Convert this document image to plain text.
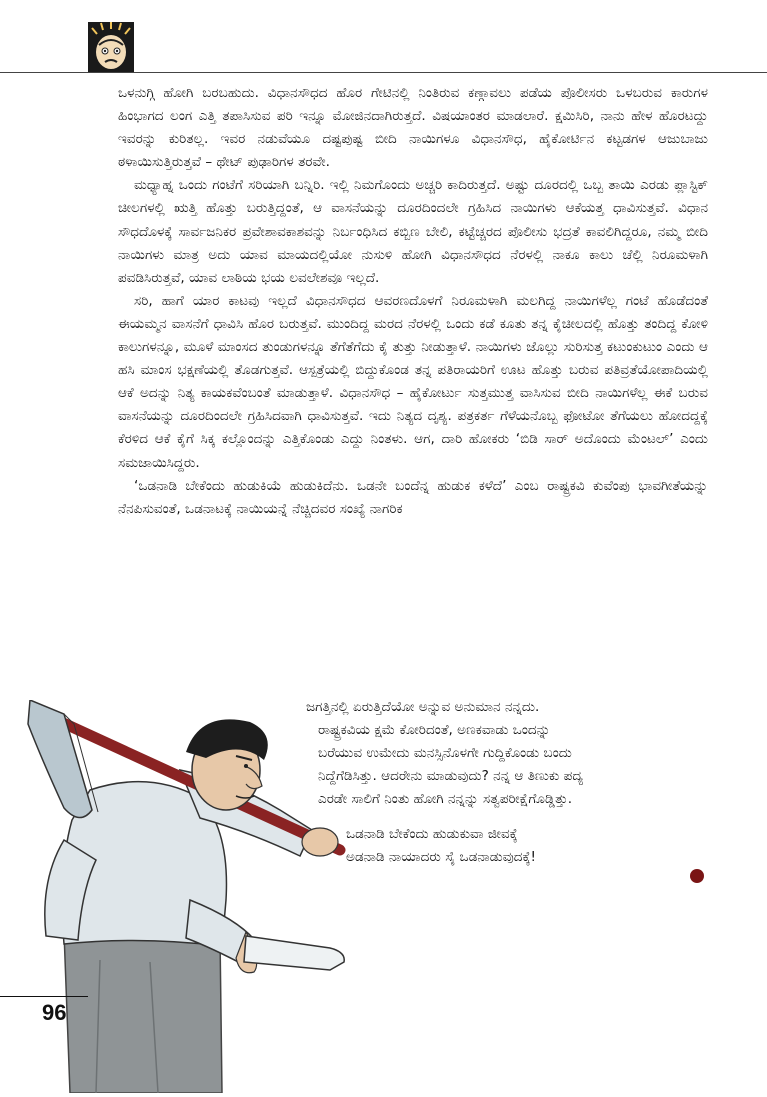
ಒಳನುಗ್ಗಿ ಹೋಗಿ ಬರಬಹುದು. ವಿಧಾನಸೌಧದ ಹೊರ ಗೇಟಿನಲ್ಲಿ ನಿಂತಿರುವ ಕಣ್ಗಾವಲು ಪಡೆಯ ಪೊಲೀಸರು ಒಳಬರುವ ಕಾರುಗಳ ಹಿಂಭಾಗದ ಲಂಗ ಎತ್ತಿ ತಪಾಸಿಸುವ ಪರಿ ಇನ್ನೂ ಮೋಜಿನದಾಗಿರುತ್ತದೆ. ವಿಷಯಾಂತರ ಮಾಡಲಾರೆ. ಕ್ಷಮಿಸಿರಿ, ನಾನು ಹೇಳ ಹೊರಟದ್ದು ಇವರನ್ನು ಕುರಿತಲ್ಲ. ಇವರ ನಡುವೆಯೂ ದಷ್ಟಪುಷ್ಟ ಬೀದಿ ನಾಯಿಗಳೂ ವಿಧಾನಸೌಧ, ಹೈಕೋರ್ಟಿನ ಕಟ್ಟಡಗಳ ಆಜುಬಾಜು ಠಳಾಯಿಸುತ್ತಿರುತ್ತವೆ – ಥೇಟ್ ಪುಢಾರಿಗಳ ತರವೇ.

ಮಧ್ಯಾಹ್ನ ಒಂದು ಗಂಟೆಗೆ ಸರಿಯಾಗಿ ಬನ್ನಿರಿ. ಇಲ್ಲಿ ನಿಮಗೊಂದು ಅಚ್ಚರಿ ಕಾದಿರುತ್ತದೆ. ಅಷ್ಟು ದೂರದಲ್ಲಿ ಒಬ್ಬ ತಾಯಿ ಎರಡು ಪ್ಲಾಸ್ಟಿಕ್ ಚೀಲಗಳಲ್ಲಿ ಋತ್ತಿ ಹೊತ್ತು ಬರುತ್ತಿದ್ದಂತೆ, ಆ ವಾಸನೆಯನ್ನು ದೂರದಿಂದಲೇ ಗ್ರಹಿಸಿದ ನಾಯಿಗಳು ಆಕೆಯತ್ತ ಧಾವಿಸುತ್ತವೆ. ವಿಧಾನ ಸೌಧದೊಳಕ್ಕೆ ಸಾರ್ವಜನಿಕರ ಪ್ರವೇಶಾವಕಾಶವನ್ನು ನಿರ್ಬಂಧಿಸಿದ ಕಬ್ಬಿಣ ಬೇಲಿ, ಕಟ್ಟೆಚ್ಚರದ ಪೊಲೀಸು ಭದ್ರತೆ ಕಾವಲಿಗಿದ್ದರೂ, ನಮ್ಮ ಬೀದಿ ನಾಯಿಗಳು ಮಾತ್ರ ಅದು ಯಾವ ಮಾಯದಲ್ಲಿಯೋ ನುಸುಳಿ ಹೋಗಿ ವಿಧಾನಸೌಧದ ನೆರಳಲ್ಲಿ ನಾಕೂ ಕಾಲು ಚೆಲ್ಲಿ ನಿರೂಮಳಾಗಿ ಪವಡಿಸಿರುತ್ತವೆ, ಯಾವ ಲಾಠಿಯ ಭಯ ಲವಲೇಶವೂ ಇಲ್ಲದೆ.

ಸರಿ, ಹಾಗೆ ಯಾರ ಕಾಟವು ಇಲ್ಲದೆ ವಿಧಾನಸೌಧದ ಆವರಣದೊಳಗೆ ನಿರೂಮಳಾಗಿ ಮಲಗಿದ್ದ ನಾಯಿಗಳೆಲ್ಲ ಗಂಟೆ ಹೊಡೆದಂತೆ ಈಯಮ್ಮನ ವಾಸನೆಗೆ ಧಾವಿಸಿ ಹೊರ ಬರುತ್ತವೆ. ಮುಂದಿದ್ದ ಮರದ ನೆರಳಲ್ಲಿ ಒಂದು ಕಡೆ ಕೂತು ತನ್ನ ಕೈಚೀಲದಲ್ಲಿ ಹೊತ್ತು ತಂದಿದ್ದ ಕೋಳಿ ಕಾಲುಗಳನ್ನೂ, ಮೂಳೆ ಮಾಂಸದ ತುಂಡುಗಳನ್ನೂ ತೆಗೆತೆಗೆದು ಕೈ ತುತ್ತು ನೀಡುತ್ತಾಳೆ. ನಾಯಿಗಳು ಜೊಲ್ಲು ಸುರಿಸುತ್ತ ಕಟುಂಕುಟುಂ ಎಂದು ಆ ಹಸಿ ಮಾಂಸ ಭಕ್ಷಣೆಯಲ್ಲಿ ತೊಡಗುತ್ತವೆ. ಆಸ್ಪತ್ರೆಯಲ್ಲಿ ಬಿದ್ದುಕೊಂಡ ತನ್ನ ಪತಿರಾಯರಿಗೆ ಊಟ ಹೊತ್ತು ಬರುವ ಪತಿವ್ರತೆಯೋಪಾದಿಯಲ್ಲಿ ಆಕೆ ಅದನ್ನು ನಿತ್ಯ ಕಾಯಕವೆಂಬಂತೆ ಮಾಡುತ್ತಾಳೆ. ವಿಧಾನಸೌಧ – ಹೈಕೋರ್ಟು ಸುತ್ತಮುತ್ತ ವಾಸಿಸುವ ಬೀದಿ ನಾಯಿಗಳೆಲ್ಲ ಈಕೆ ಬರುವ ವಾಸನೆಯನ್ನು ದೂರದಿಂದಲೇ ಗ್ರಹಿಸಿದವಾಗಿ ಧಾವಿಸುತ್ತವೆ. ಇದು ನಿತ್ಯದ ದೃಶ್ಯ. ಪತ್ರಕರ್ತ ಗೆಳೆಯನೊಬ್ಬ ಫೋಟೋ ತೆಗೆಯಲು ಹೋದದ್ದಕ್ಕೆ ಕೆರಳಿದ ಆಕೆ ಕೈಗೆ ಸಿಕ್ಕ ಕಲ್ಲೊಂದನ್ನು ಎತ್ತಿಕೊಂಡು ಎದ್ದು ನಿಂತಳು. ಆಗ, ದಾರಿ ಹೋಕರು ‘ಬಿಡಿ ಸಾರ್ ಅದೊಂದು ಮೆಂಟಲ್’ ಎಂದು ಸಮಜಾಯಿಸಿದ್ದರು.

‘ಒಡನಾಡಿ ಬೇಕೆಂದು ಹುಡುಕಿಯೆ ಹುಡುಕಿದೆನು. ಒಡನೇ ಬಂದೆನ್ನ ಹುಡುಕ ಕಳೆದೆ’ ಎಂಬ ರಾಷ್ಟ್ರಕವಿ ಕುವೆಂಪು ಭಾವಗೀತೆಯನ್ನು ನೆನಪಿಸುವಂತೆ, ಒಡನಾಟಕ್ಕೆ ನಾಯಿಯನ್ನೆ ನೆಚ್ಚಿದವರ ಸಂಖ್ಯೆ ನಾಗರಿಕ

ಜಗತ್ತಿನಲ್ಲಿ ಏರುತ್ತಿದೆಯೋ ಅನ್ನುವ ಅನುಮಾನ ನನ್ನದು.
ರಾಷ್ಟ್ರಕವಿಯ ಕ್ಷಮೆ ಕೋರಿದಂತೆ, ಅಣಕವಾಡು ಒಂದನ್ನು
ಬರೆಯುವ ಉಮೇದು ಮನಸ್ಸಿನೊಳಗೇ ಗುದ್ದಿಕೊಂಡು ಬಂದು
ನಿದ್ದೆಗೆಡಿಸಿತ್ತು. ಆದರೇನು ಮಾಡುವುದು? ನನ್ನ ಆ ತಿಣುಕು ಪದ್ಯ
ಎರಡೇ ಸಾಲಿಗೆ ನಿಂತು ಹೋಗಿ ನನ್ನನ್ನು ಸತ್ವಪರೀಕ್ಷೆಗೊಡ್ಡಿತ್ತು.
ಒಡನಾಡಿ ಬೇಕೆಂದು ಹುಡುಕುವಾ ಜೀವಕ್ಕೆ
ಅಡನಾಡಿ ನಾಯಾದರು ಸೈ ಒಡನಾಡುವುದಕ್ಕೆ!
96
